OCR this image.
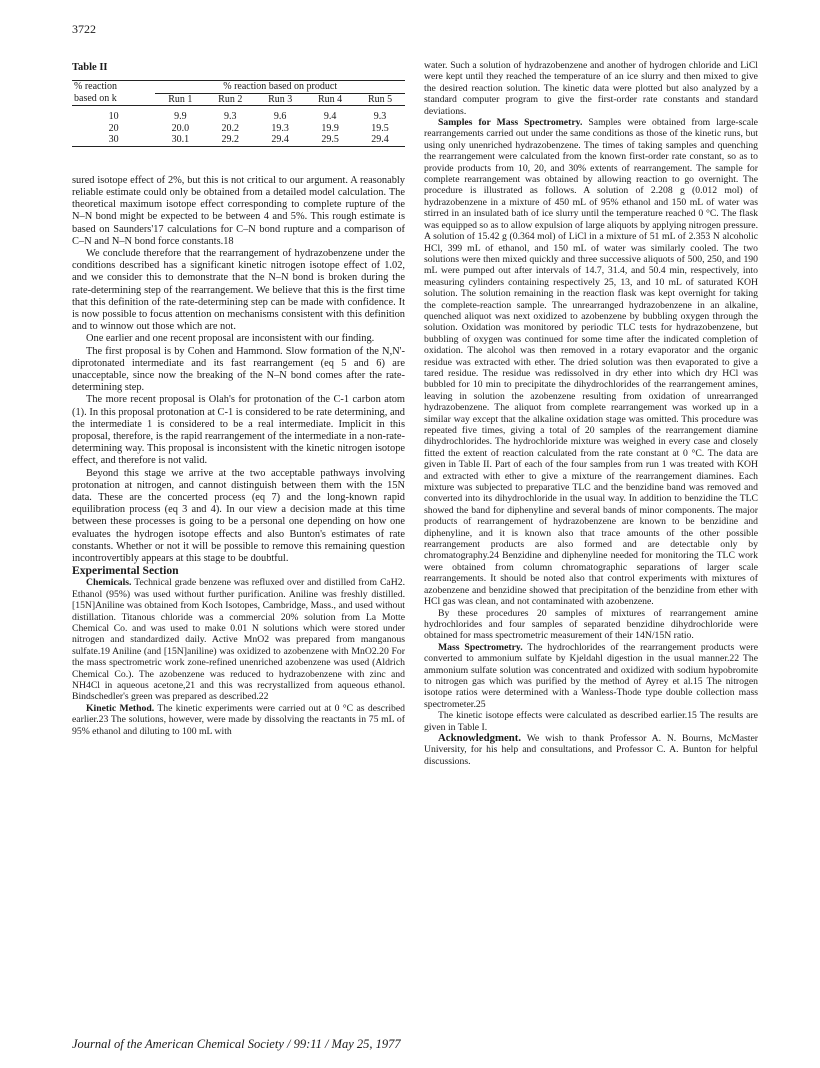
3722
Table II

% reaction	% reaction based on product				
based on k	Run 1	Run 2	Run 3	Run 4	Run 5

10	9.9	9.3	9.6	9.4	9.3
20	20.0	20.2	19.3	19.9	19.5
30	30.1	29.2	29.4	29.5	29.4

sured isotope effect of 2%, but this is not critical to our argument. A reasonably reliable estimate could only be obtained from a detailed model calculation. The theoretical maximum isotope effect corresponding to complete rupture of the N–N bond might be expected to be between 4 and 5%. This rough estimate is based on Saunders'17 calculations for C–N bond rupture and a comparison of C–N and N–N bond force constants.18

We conclude therefore that the rearrangement of hydrazobenzene under the conditions described has a significant kinetic nitrogen isotope effect of 1.02, and we consider this to demonstrate that the N–N bond is broken during the rate-determining step of the rearrangement. We believe that this is the first time that this definition of the rate-determining step can be made with confidence. It is now possible to focus attention on mechanisms consistent with this definition and to winnow out those which are not.

One earlier and one recent proposal are inconsistent with our finding.

The first proposal is by Cohen and Hammond. Slow formation of the N,N'-diprotonated intermediate and its fast rearrangement (eq 5 and 6) are unacceptable, since now the breaking of the N–N bond comes after the rate-determining step.

The more recent proposal is Olah's for protonation of the C-1 carbon atom (1). In this proposal protonation at C-1 is considered to be rate determining, and the intermediate 1 is considered to be a real intermediate. Implicit in this proposal, therefore, is the rapid rearrangement of the intermediate in a non-rate-determining way. This proposal is inconsistent with the kinetic nitrogen isotope effect, and therefore is not valid.

Beyond this stage we arrive at the two acceptable pathways involving protonation at nitrogen, and cannot distinguish between them with the 15N data. These are the concerted process (eq 7) and the long-known rapid equilibration process (eq 3 and 4). In our view a decision made at this time between these processes is going to be a personal one depending on how one evaluates the hydrogen isotope effects and also Bunton's estimates of rate constants. Whether or not it will be possible to remove this remaining question incontrovertibly appears at this stage to be doubtful.

Experimental Section

Chemicals. Technical grade benzene was refluxed over and distilled from CaH2. Ethanol (95%) was used without further purification. Aniline was freshly distilled. [15N]Aniline was obtained from Koch Isotopes, Cambridge, Mass., and used without distillation. Titanous chloride was a commercial 20% solution from La Motte Chemical Co. and was used to make 0.01 N solutions which were stored under nitrogen and standardized daily. Active MnO2 was prepared from manganous sulfate.19 Aniline (and [15N]aniline) was oxidized to azobenzene with MnO2.20 For the mass spectrometric work zone-refined unenriched azobenzene was used (Aldrich Chemical Co.). The azobenzene was reduced to hydrazobenzene with zinc and NH4Cl in aqueous acetone,21 and this was recrystallized from aqueous ethanol. Bindschedler's green was prepared as described.22

Kinetic Method. The kinetic experiments were carried out at 0 °C as described earlier.23 The solutions, however, were made by dissolving the reactants in 75 mL of 95% ethanol and diluting to 100 mL with

water. Such a solution of hydrazobenzene and another of hydrogen chloride and LiCl were kept until they reached the temperature of an ice slurry and then mixed to give the desired reaction solution. The kinetic data were plotted but also analyzed by a standard computer program to give the first-order rate constants and standard deviations.

Samples for Mass Spectrometry. Samples were obtained from large-scale rearrangements carried out under the same conditions as those of the kinetic runs, but using only unenriched hydrazobenzene. The times of taking samples and quenching the rearrangement were calculated from the known first-order rate constant, so as to provide products from 10, 20, and 30% extents of rearrangement. The sample for complete rearrangement was obtained by allowing reaction to go overnight. The procedure is illustrated as follows. A solution of 2.208 g (0.012 mol) of hydrazobenzene in a mixture of 450 mL of 95% ethanol and 150 mL of water was stirred in an insulated bath of ice slurry until the temperature reached 0 °C. The flask was equipped so as to allow expulsion of large aliquots by applying nitrogen pressure. A solution of 15.42 g (0.364 mol) of LiCl in a mixture of 51 mL of 2.353 N alcoholic HCl, 399 mL of ethanol, and 150 mL of water was similarly cooled. The two solutions were then mixed quickly and three successive aliquots of 500, 250, and 190 mL were pumped out after intervals of 14.7, 31.4, and 50.4 min, respectively, into measuring cylinders containing respectively 25, 13, and 10 mL of saturated KOH solution. The solution remaining in the reaction flask was kept overnight for taking the complete-reaction sample. The unrearranged hydrazobenzene in an alkaline, quenched aliquot was next oxidized to azobenzene by bubbling oxygen through the solution. Oxidation was monitored by periodic TLC tests for hydrazobenzene, but bubbling of oxygen was continued for some time after the indicated completion of oxidation. The alcohol was then removed in a rotary evaporator and the organic residue was extracted with ether. The dried solution was then evaporated to give a tared residue. The residue was redissolved in dry ether into which dry HCl was bubbled for 10 min to precipitate the dihydrochlorides of the rearrangement amines, leaving in solution the azobenzene resulting from oxidation of unrearranged hydrazobenzene. The aliquot from complete rearrangement was worked up in a similar way except that the alkaline oxidation stage was omitted. This procedure was repeated five times, giving a total of 20 samples of the rearrangement diamine dihydrochlorides. The hydrochloride mixture was weighed in every case and closely fitted the extent of reaction calculated from the rate constant at 0 °C. The data are given in Table II. Part of each of the four samples from run 1 was treated with KOH and extracted with ether to give a mixture of the rearrangement diamines. Each mixture was subjected to preparative TLC and the benzidine band was removed and converted into its dihydrochloride in the usual way. In addition to benzidine the TLC showed the band for diphenyline and several bands of minor components. The major products of rearrangement of hydrazobenzene are known to be benzidine and diphenyline, and it is known also that trace amounts of the other possible rearrangement products are also formed and are detectable only by chromatography.24 Benzidine and diphenyline needed for monitoring the TLC work were obtained from column chromatographic separations of larger scale rearrangements. It should be noted also that control experiments with mixtures of azobenzene and benzidine showed that precipitation of the benzidine from ether with HCl gas was clean, and not contaminated with azobenzene.

By these procedures 20 samples of mixtures of rearrangement amine hydrochlorides and four samples of separated benzidine dihydrochloride were obtained for mass spectrometric measurement of their 14N/15N ratio.

Mass Spectrometry. The hydrochlorides of the rearrangement products were converted to ammonium sulfate by Kjeldahl digestion in the usual manner.22 The ammonium sulfate solution was concentrated and oxidized with sodium hypobromite to nitrogen gas which was purified by the method of Ayrey et al.15 The nitrogen isotope ratios were determined with a Wanless-Thode type double collection mass spectrometer.25

The kinetic isotope effects were calculated as described earlier.15 The results are given in Table I.

Acknowledgment. We wish to thank Professor A. N. Bourns, McMaster University, for his help and consultations, and Professor C. A. Bunton for helpful discussions.

Journal of the American Chemical Society / 99:11 / May 25, 1977
